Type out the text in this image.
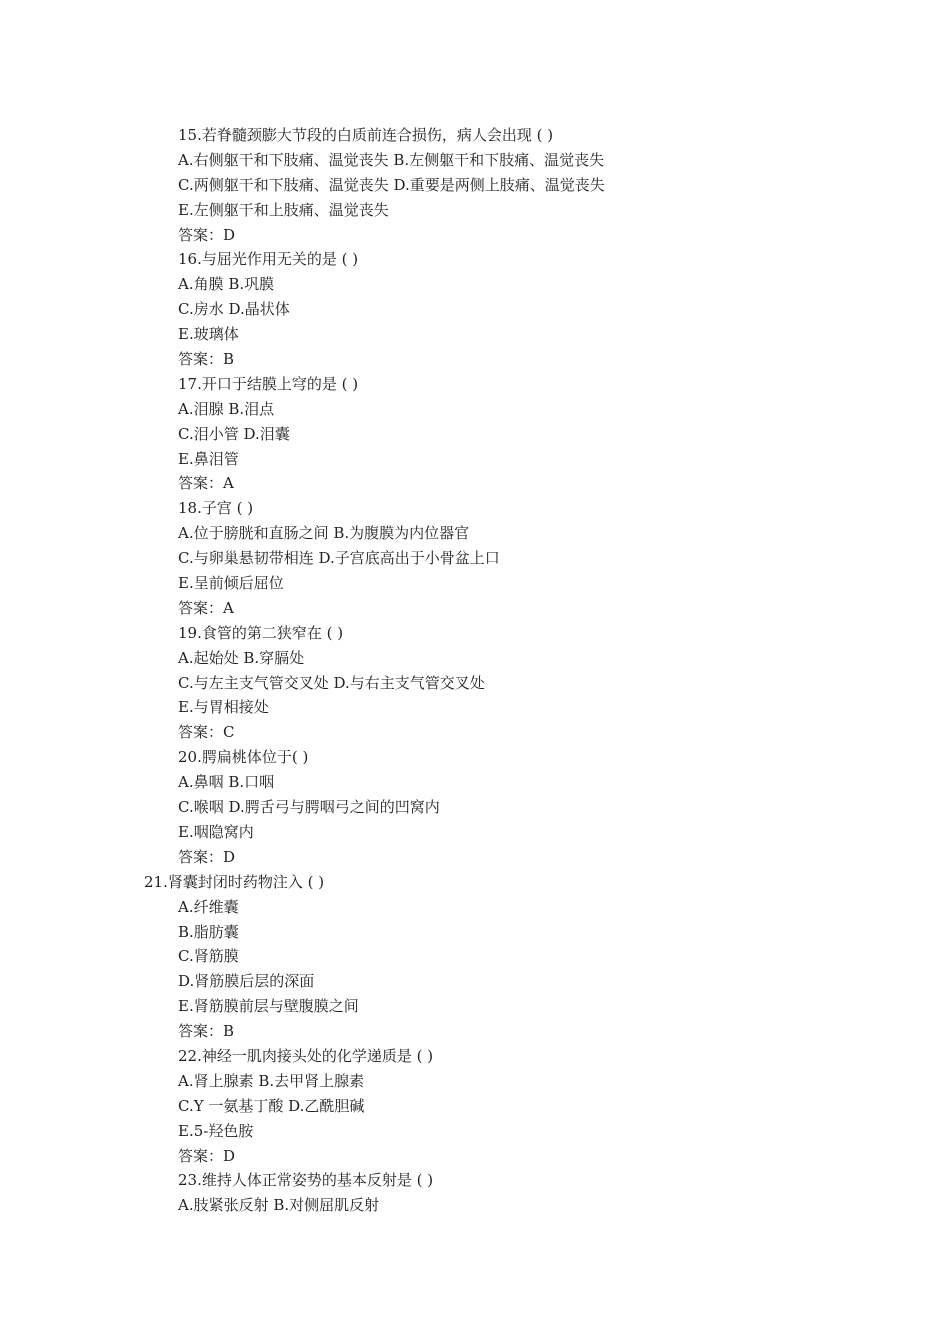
15.若脊髓颈膨大节段的白质前连合损伤，病人会出现 ( )
A.右侧躯干和下肢痛、温觉丧失 B.左侧躯干和下肢痛、温觉丧失
C.两侧躯干和下肢痛、温觉丧失 D.重要是两侧上肢痛、温觉丧失
E.左侧躯干和上肢痛、温觉丧失
答案：D
16.与屈光作用无关的是 ( )
A.角膜 B.巩膜
C.房水 D.晶状体
E.玻璃体
答案：B
17.开口于结膜上穹的是 ( )
A.泪腺 B.泪点
C.泪小管 D.泪囊
E.鼻泪管
答案：A
18.子宫 ( )
A.位于膀胱和直肠之间 B.为腹膜为内位器官
C.与卵巢悬韧带相连 D.子宫底高出于小骨盆上口
E.呈前倾后屈位
答案：A
19.食管的第二狭窄在 ( )
A.起始处 B.穿膈处
C.与左主支气管交叉处 D.与右主支气管交叉处
E.与胃相接处
答案：C
20.腭扁桃体位于( )
A.鼻咽 B.口咽
C.喉咽 D.腭舌弓与腭咽弓之间的凹窝内
E.咽隐窝内
答案：D
21.肾囊封闭时药物注入 ( )
A.纤维囊
B.脂肪囊
C.肾筋膜
D.肾筋膜后层的深面
E.肾筋膜前层与壁腹膜之间
答案：B
22.神经一肌肉接头处的化学递质是 ( )
A.肾上腺素 B.去甲肾上腺素
C.Y 一氨基丁酸 D.乙酰胆碱
E.5-羟色胺
答案：D
23.维持人体正常姿势的基本反射是 ( )
A.肢紧张反射 B.对侧屈肌反射
